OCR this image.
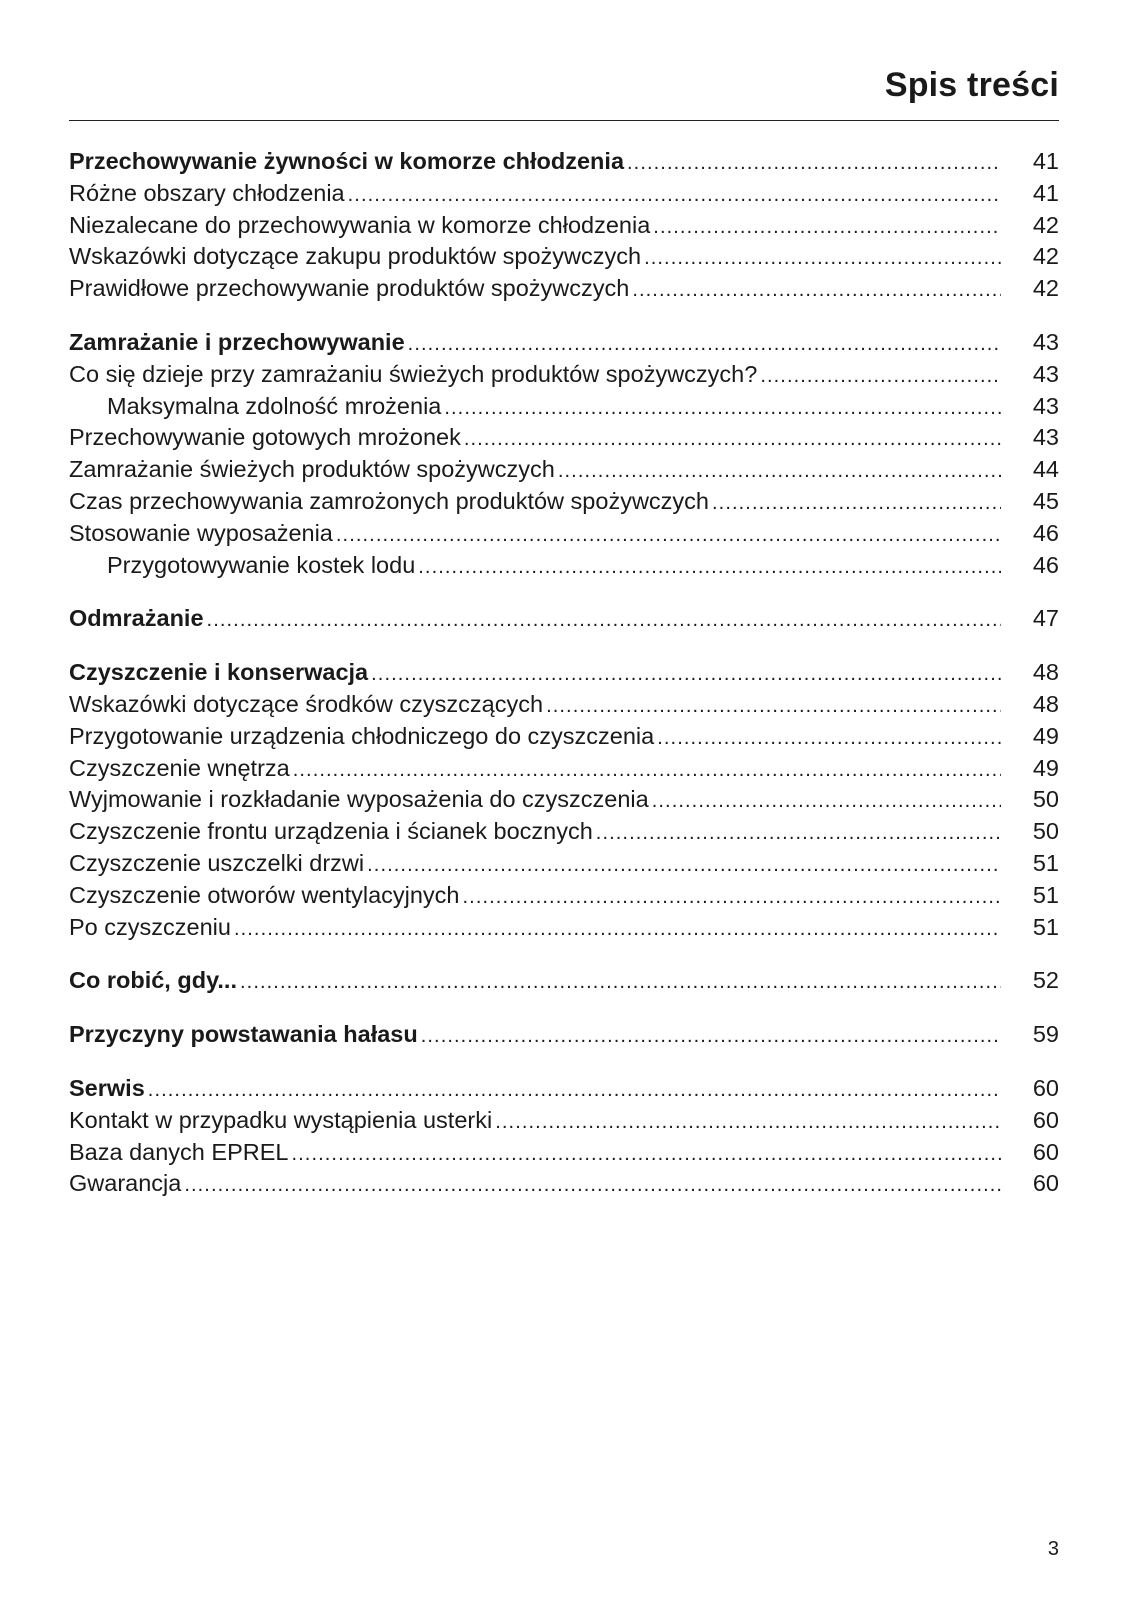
Spis treści
Przechowywanie żywności w komorze chłodzenia .....	41
Różne obszary chłodzenia .....	41
Niezalecane do przechowywania w komorze chłodzenia .....	42
Wskazówki dotyczące zakupu produktów spożywczych .....	42
Prawidłowe przechowywanie produktów spożywczych .....	42
Zamrażanie i przechowywanie .....	43
Co się dzieje przy zamrażaniu świeżych produktów spożywczych? .....	43
Maksymalna zdolność mrożenia .....	43
Przechowywanie gotowych mrożonek .....	43
Zamrażanie świeżych produktów spożywczych .....	44
Czas przechowywania zamrożonych produktów spożywczych .....	45
Stosowanie wyposażenia .....	46
Przygotowywanie kostek lodu .....	46
Odmrażanie .....	47
Czyszczenie i konserwacja .....	48
Wskazówki dotyczące środków czyszczących .....	48
Przygotowanie urządzenia chłodniczego do czyszczenia .....	49
Czyszczenie wnętrza .....	49
Wyjmowanie i rozkładanie wyposażenia do czyszczenia .....	50
Czyszczenie frontu urządzenia i ścianek bocznych .....	50
Czyszczenie uszczelki drzwi .....	51
Czyszczenie otworów wentylacyjnych .....	51
Po czyszczeniu .....	51
Co robić, gdy... .....	52
Przyczyny powstawania hałasu .....	59
Serwis .....	60
Kontakt w przypadku wystąpienia usterki .....	60
Baza danych EPREL .....	60
Gwarancja .....	60
3
